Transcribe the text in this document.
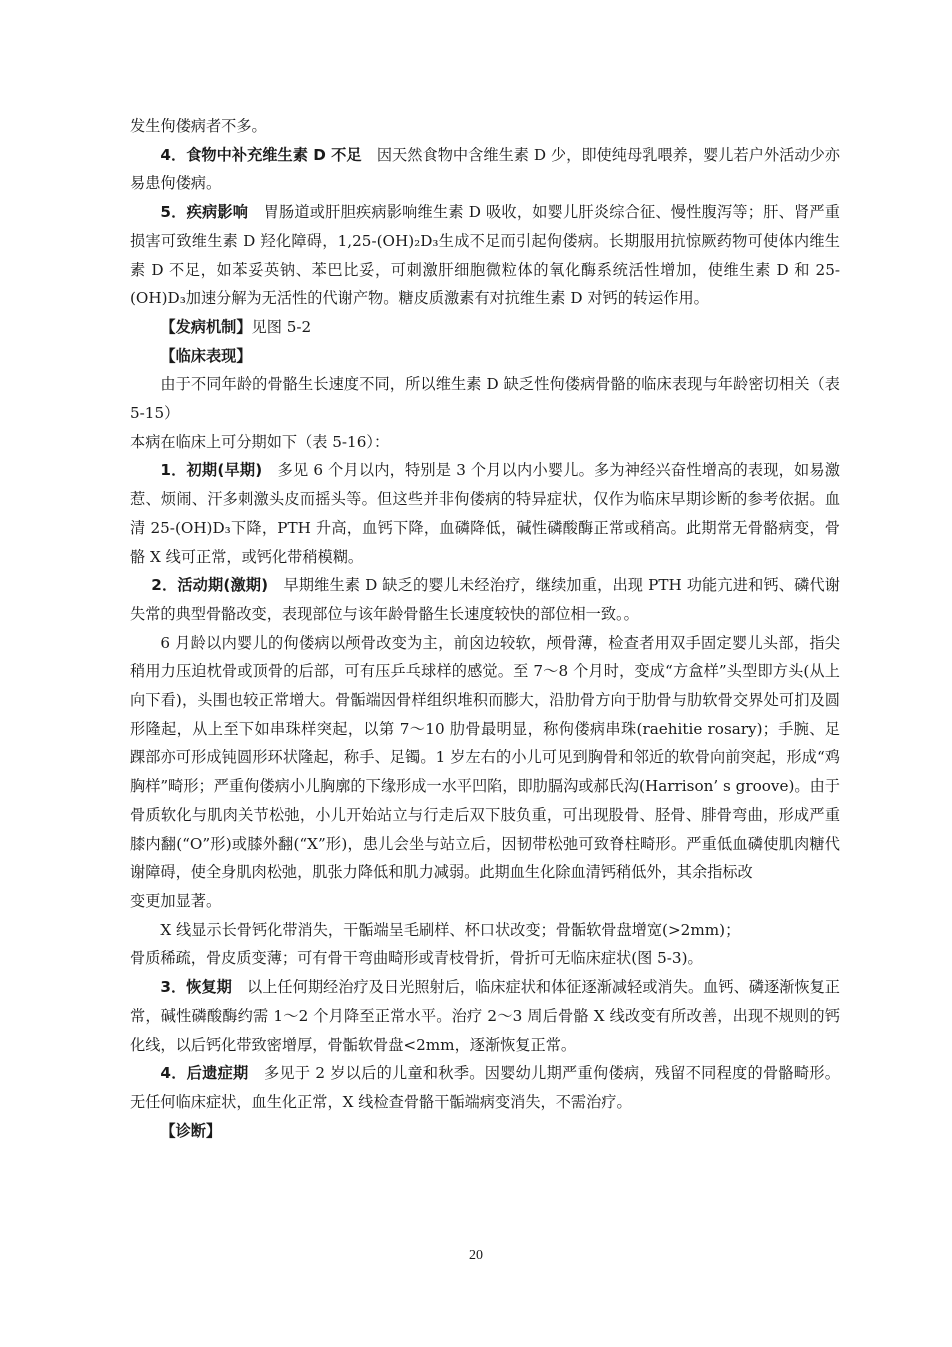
发生佝偻病者不多。

4．食物中补充维生素 D 不足 因天然食物中含维生素 D 少，即使纯母乳喂养，婴儿若户外活动少亦易患佝偻病。

5．疾病影响 胃肠道或肝胆疾病影响维生素 D 吸收，如婴儿肝炎综合征、慢性腹泻等；肝、肾严重损害可致维生素 D 羟化障碍，1,25-(OH)₂D₃生成不足而引起佝偻病。长期服用抗惊厥药物可使体内维生素 D 不足，如苯妥英钠、苯巴比妥，可刺激肝细胞微粒体的氧化酶系统活性增加，使维生素 D 和 25-(OH)D₃加速分解为无活性的代谢产物。糖皮质激素有对抗维生素 D 对钙的转运作用。

【发病机制】见图 5-2

【临床表现】

由于不同年龄的骨骼生长速度不同，所以维生素 D 缺乏性佝偻病骨骼的临床表现与年龄密切相关（表 5-15）

本病在临床上可分期如下（表 5-16）：

1．初期(早期) 多见 6 个月以内，特别是 3 个月以内小婴儿。多为神经兴奋性增高的表现，如易激惹、烦闹、汗多刺激头皮而摇头等。但这些并非佝偻病的特异症状，仅作为临床早期诊断的参考依据。血清 25-(OH)D₃下降，PTH 升高，血钙下降，血磷降低，碱性磷酸酶正常或稍高。此期常无骨骼病变，骨骼 X 线可正常，或钙化带稍模糊。

2．活动期(激期) 早期维生素 D 缺乏的婴儿未经治疗，继续加重，出现 PTH 功能亢进和钙、磷代谢失常的典型骨骼改变，表现部位与该年龄骨骼生长速度较快的部位相一致。。

6 月龄以内婴儿的佝偻病以颅骨改变为主，前囟边较软，颅骨薄，检查者用双手固定婴儿头部，指尖稍用力压迫枕骨或顶骨的后部，可有压乒乓球样的感觉。至 7～8 个月时，变成“方盒样”头型即方头(从上向下看)，头围也较正常增大。骨骺端因骨样组织堆积而膨大，沿肋骨方向于肋骨与肋软骨交界处可扪及圆形隆起，从上至下如串珠样突起，以第 7～10 肋骨最明显，称佝偻病串珠(raehitie rosary)；手腕、足踝部亦可形成钝圆形环状隆起，称手、足镯。1 岁左右的小儿可见到胸骨和邻近的软骨向前突起，形成“鸡胸样”畸形；严重佝偻病小儿胸廓的下缘形成一水平凹陷，即肋膈沟或郝氏沟(Harrison’ s groove)。由于骨质软化与肌肉关节松弛，小儿开始站立与行走后双下肢负重，可出现股骨、胫骨、腓骨弯曲，形成严重膝内翻(“O”形)或膝外翻(“X”形)，患儿会坐与站立后，因韧带松弛可致脊柱畸形。严重低血磷使肌肉糖代谢障碍，使全身肌肉松弛，肌张力降低和肌力减弱。此期血生化除血清钙稍低外，其余指标改

变更加显著。

X 线显示长骨钙化带消失，干骺端呈毛刷样、杯口状改变；骨骺软骨盘增宽(>2mm)；

骨质稀疏，骨皮质变薄；可有骨干弯曲畸形或青枝骨折，骨折可无临床症状(图 5-3)。

3．恢复期 以上任何期经治疗及日光照射后，临床症状和体征逐渐减轻或消失。血钙、磷逐渐恢复正常，碱性磷酸酶约需 1～2 个月降至正常水平。治疗 2～3 周后骨骼 X 线改变有所改善，出现不规则的钙化线，以后钙化带致密增厚，骨骺软骨盘<2mm，逐渐恢复正常。

4．后遗症期 多见于 2 岁以后的儿童和秋季。因婴幼儿期严重佝偻病，残留不同程度的骨骼畸形。无任何临床症状，血生化正常，X 线检查骨骼干骺端病变消失，不需治疗。

【诊断】

20
